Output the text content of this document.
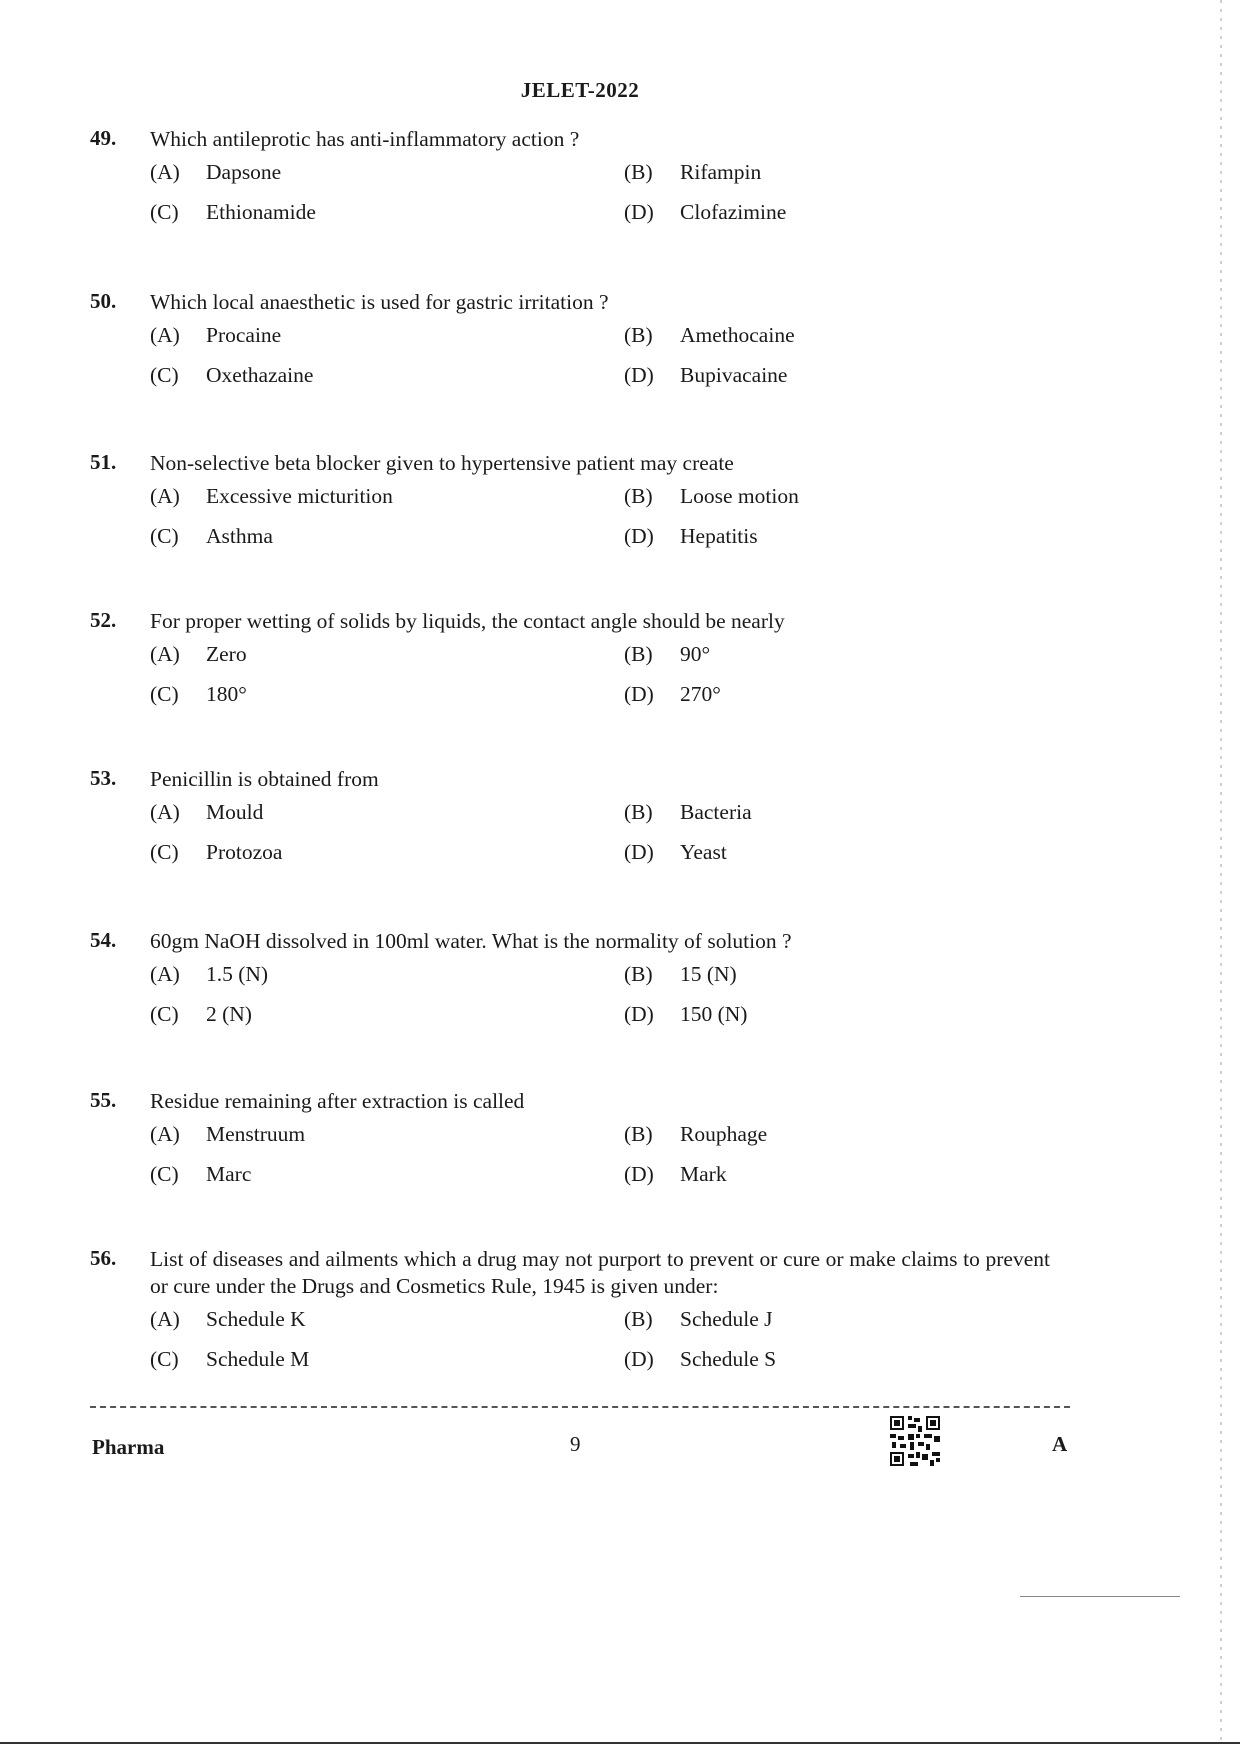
JELET-2022
49. Which antileprotic has anti-inflammatory action ?
(A) Dapsone	(B) Rifampin
(C) Ethionamide	(D) Clofazimine
50. Which local anaesthetic is used for gastric irritation ?
(A) Procaine	(B) Amethocaine
(C) Oxethazaine	(D) Bupivacaine
51. Non-selective beta blocker given to hypertensive patient may create
(A) Excessive micturition	(B) Loose motion
(C) Asthma	(D) Hepatitis
52. For proper wetting of solids by liquids, the contact angle should be nearly
(A) Zero	(B) 90°
(C) 180°	(D) 270°
53. Penicillin is obtained from
(A) Mould	(B) Bacteria
(C) Protozoa	(D) Yeast
54. 60gm NaOH dissolved in 100ml water. What is the normality of solution ?
(A) 1.5 (N)	(B) 15 (N)
(C) 2 (N)	(D) 150 (N)
55. Residue remaining after extraction is called
(A) Menstruum	(B) Rouphage
(C) Marc	(D) Mark
56. List of diseases and ailments which a drug may not purport to prevent or cure or make claims to prevent or cure under the Drugs and Cosmetics Rule, 1945 is given under:
(A) Schedule K	(B) Schedule J
(C) Schedule M	(D) Schedule S
Pharma	9	A
